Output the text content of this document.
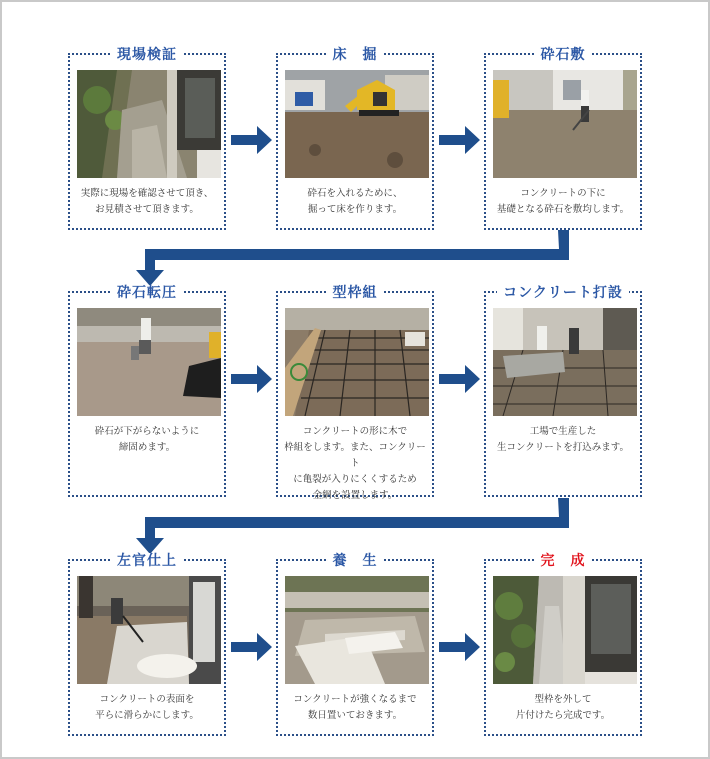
現場検証
実際に現場を確認させて頂き、
お見積させて頂きます。
床　掘
砕石を入れるために、
掘って床を作ります。
砕石敷
コンクリートの下に
基礎となる砕石を敷均します。
砕石転圧
砕石が下がらないように
締固めます。
型枠組
コンクリートの形に木で
枠組をします。また、コンクリート
に亀裂が入りにくくするため
金網を設置します。
コンクリート打設
工場で生産した
生コンクリートを打込みます。
左官仕上
コンクリートの表面を
平らに滑らかにします。
養　生
コンクリートが強くなるまで
数日置いておきます。
完　成
型枠を外して
片付けたら完成です。
